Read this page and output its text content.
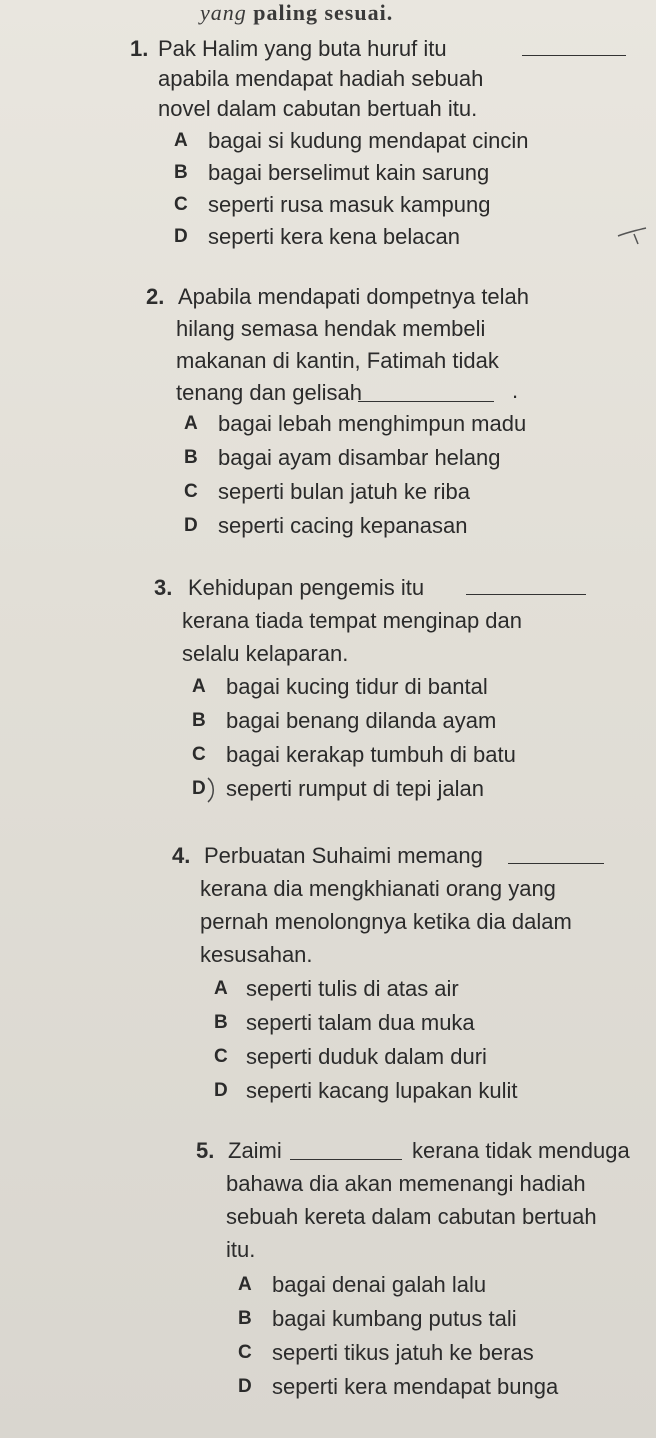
yang paling sesuai.
1. Pak Halim yang buta huruf itu
apabila mendapat hadiah sebuah
novel dalam cabutan bertuah itu.
A bagai si kudung mendapat cincin
B bagai berselimut kain sarung
C seperti rusa masuk kampung
D seperti kera kena belacan
2. Apabila mendapati dompetnya telah
hilang semasa hendak membeli
makanan di kantin, Fatimah tidak
tenang dan gelisah	.
A bagai lebah menghimpun madu
B bagai ayam disambar helang
C seperti bulan jatuh ke riba
D seperti cacing kepanasan
3. Kehidupan pengemis itu
kerana tiada tempat menginap dan
selalu kelaparan.
A bagai kucing tidur di bantal
B bagai benang dilanda ayam
C bagai kerakap tumbuh di batu
D seperti rumput di tepi jalan
4. Perbuatan Suhaimi memang
kerana dia mengkhianati orang yang
pernah menolongnya ketika dia dalam
kesusahan.
A seperti tulis di atas air
B seperti talam dua muka
C seperti duduk dalam duri
D seperti kacang lupakan kulit
5. Zaimi	kerana tidak menduga
bahawa dia akan memenangi hadiah
sebuah kereta dalam cabutan bertuah
itu.
A bagai denai galah lalu
B bagai kumbang putus tali
C seperti tikus jatuh ke beras
D seperti kera mendapat bunga
